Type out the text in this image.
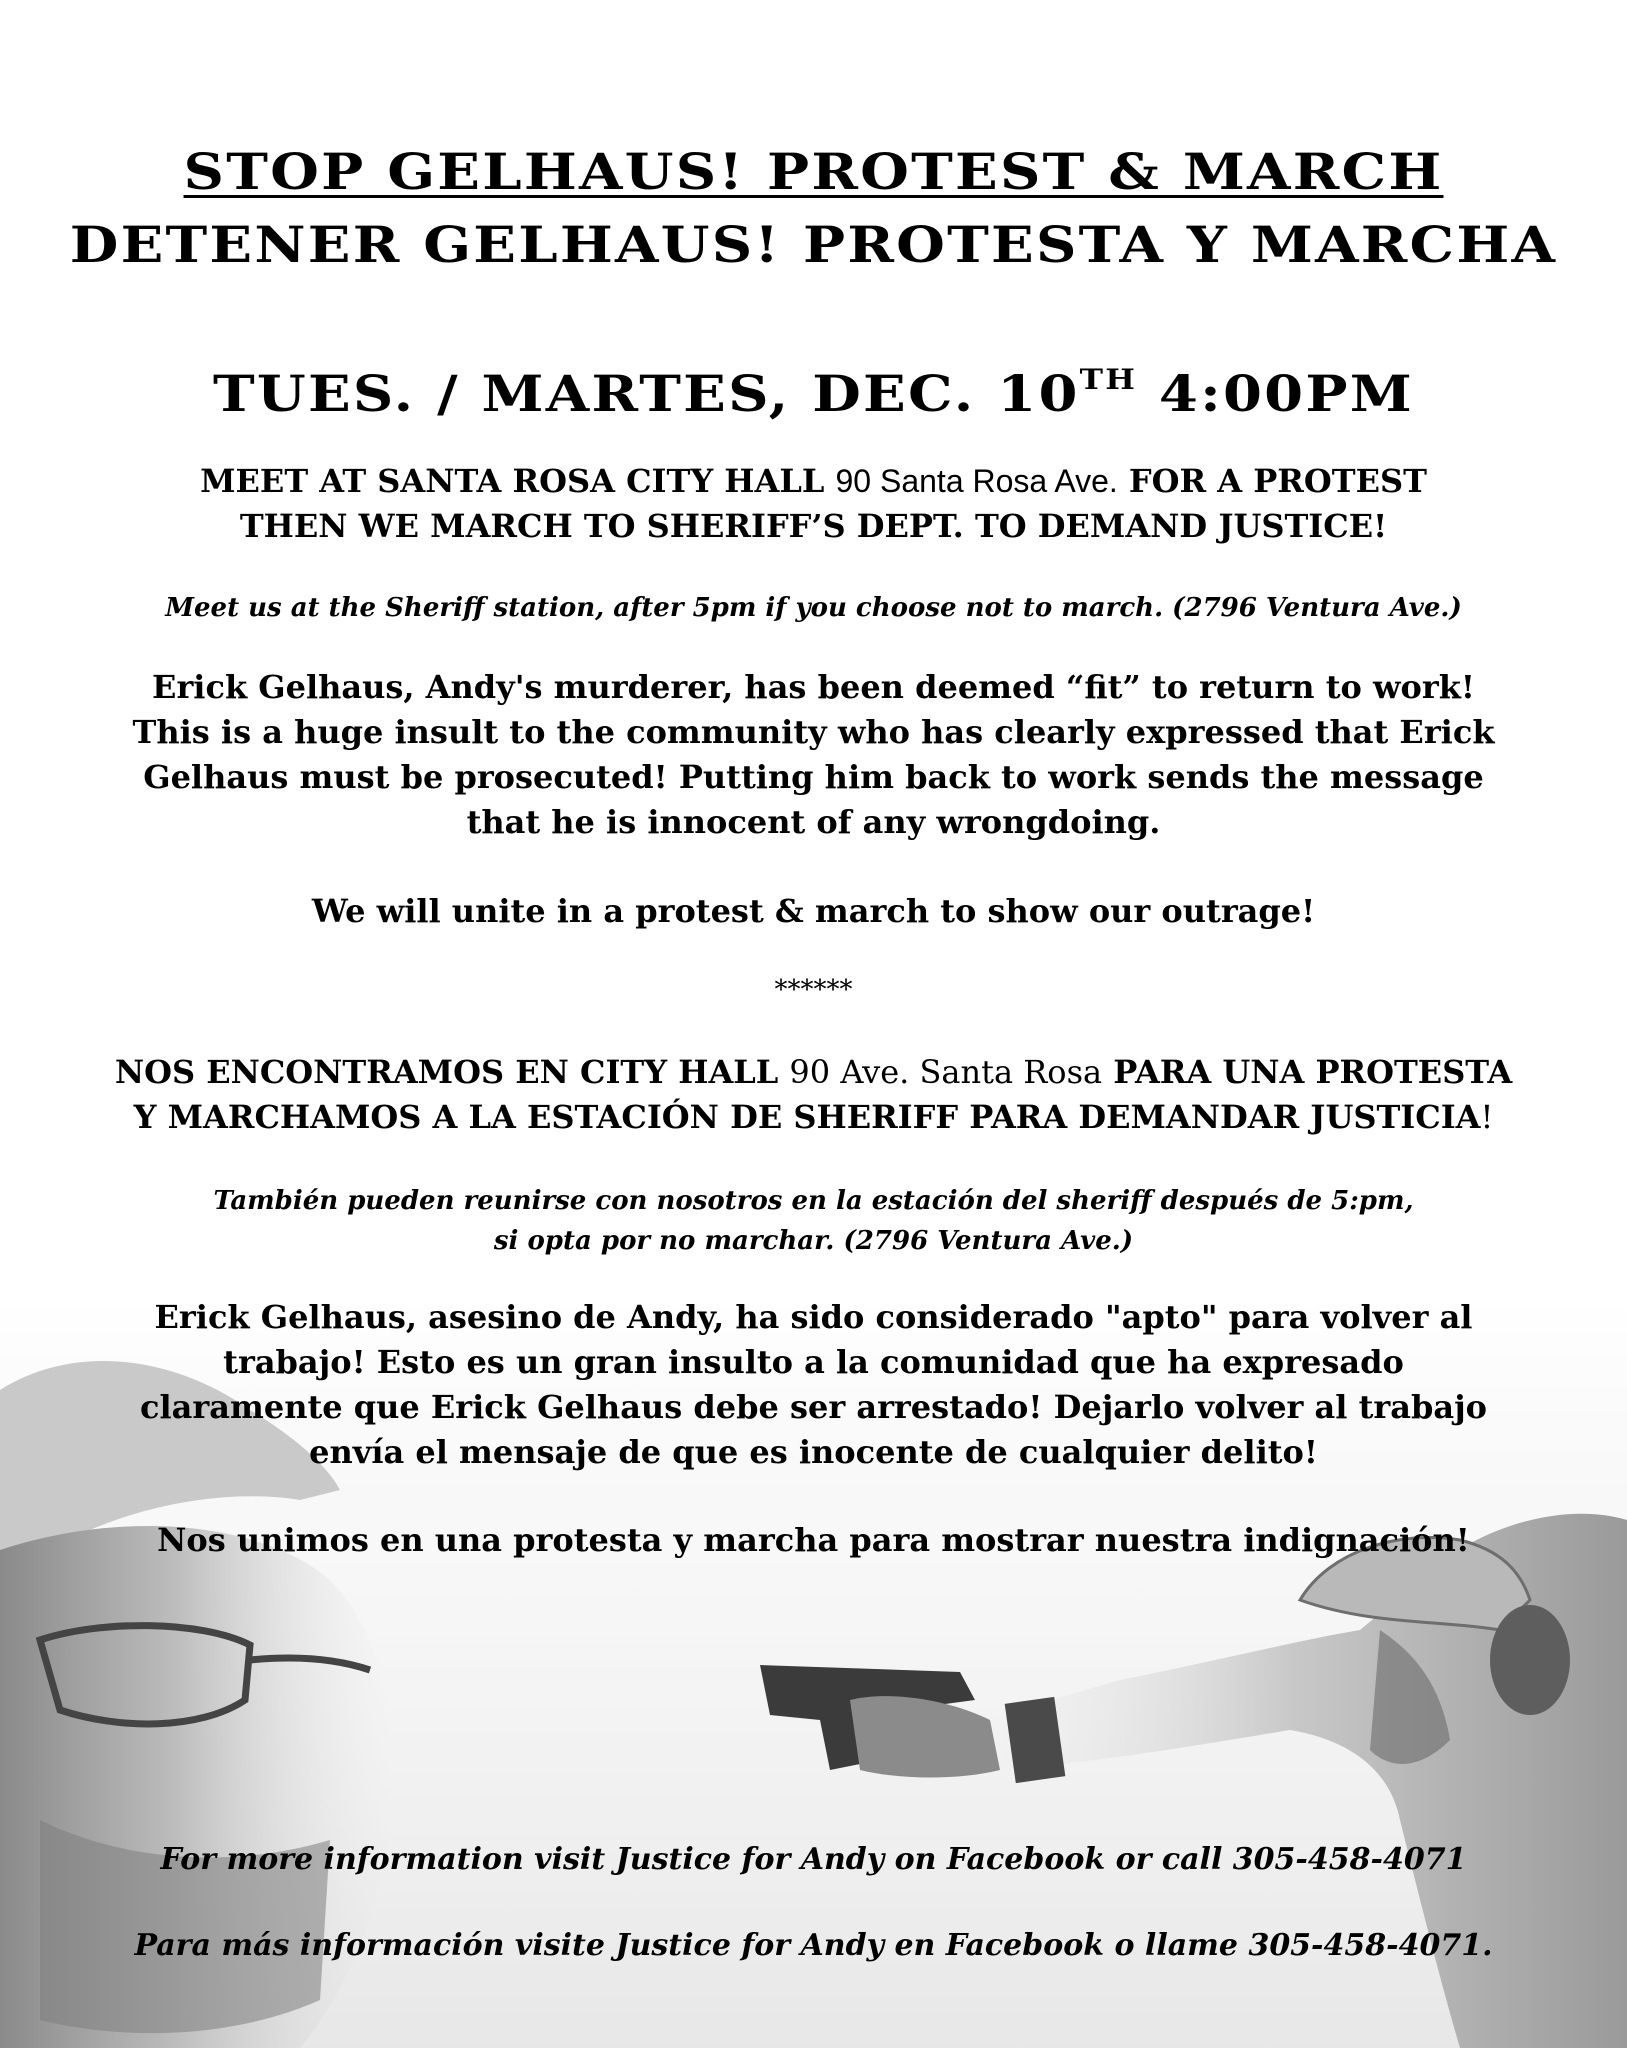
STOP GELHAUS! PROTEST & MARCH
DETENER GELHAUS! PROTESTA Y MARCHA
TUES. / MARTES, DEC. 10TH 4:00PM
MEET AT SANTA ROSA CITY HALL 90 Santa Rosa Ave. FOR A PROTEST
THEN WE MARCH TO SHERIFF’S DEPT. TO DEMAND JUSTICE!
Meet us at the Sheriff station, after 5pm if you choose not to march. (2796 Ventura Ave.)
Erick Gelhaus, Andy's murderer, has been deemed “fit” to return to work!
This is a huge insult to the community who has clearly expressed that Erick
Gelhaus must be prosecuted! Putting him back to work sends the message
that he is innocent of any wrongdoing.
We will unite in a protest & march to show our outrage!
******
NOS ENCONTRAMOS EN CITY HALL 90 Ave. Santa Rosa PARA UNA PROTESTA
Y MARCHAMOS A LA ESTACIÓN DE SHERIFF PARA DEMANDAR JUSTICIA!
También pueden reunirse con nosotros en la estación del sheriff después de 5:pm,
si opta por no marchar. (2796 Ventura Ave.)
Erick Gelhaus, asesino de Andy, ha sido considerado "apto" para volver al
trabajo! Esto es un gran insulto a la comunidad que ha expresado
claramente que Erick Gelhaus debe ser arrestado! Dejarlo volver al trabajo
envía el mensaje de que es inocente de cualquier delito!
Nos unimos en una protesta y marcha para mostrar nuestra indignación!
For more information visit Justice for Andy on Facebook or call 305-458-4071
Para más información visite Justice for Andy en Facebook o llame 305-458-4071.
